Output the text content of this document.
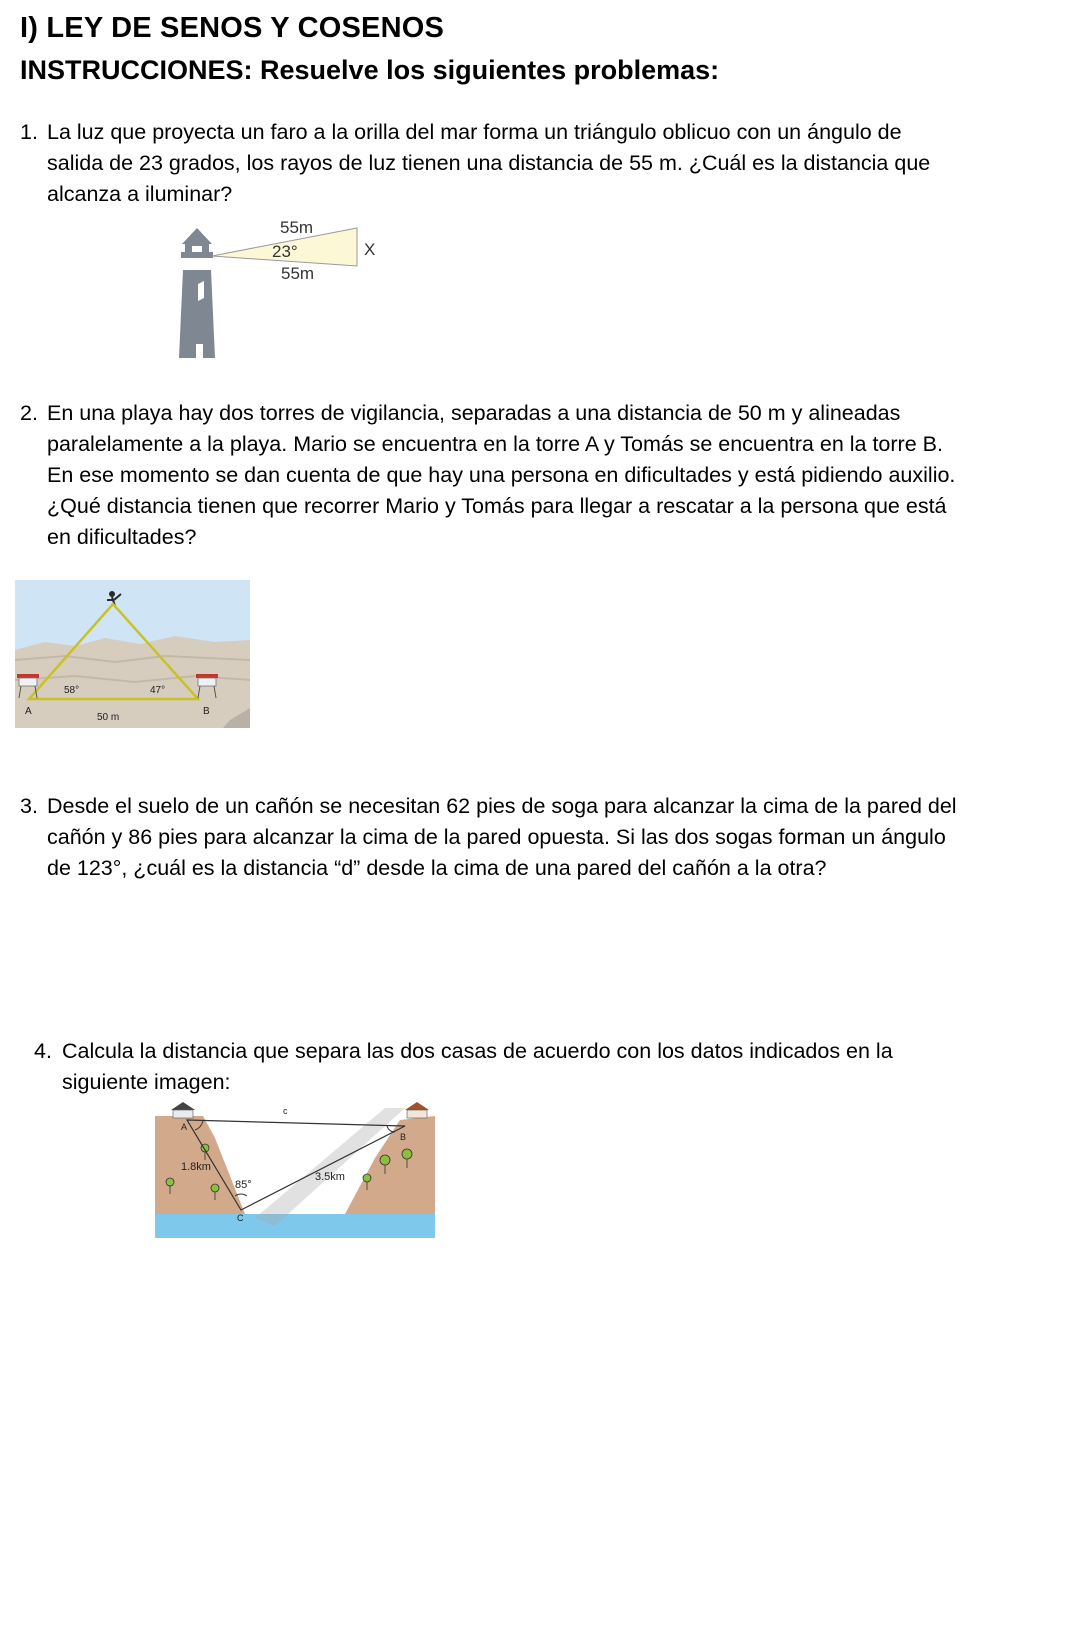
I) LEY DE SENOS Y COSENOS
INSTRUCCIONES: Resuelve los siguientes problemas:
1. La luz que proyecta un faro a la orilla del mar forma un triángulo oblicuo con un ángulo de
salida de 23 grados, los rayos de luz tienen una distancia de 55 m. ¿Cuál es la distancia que
alcanza a iluminar?
55m
23°
55m
X
2. En una playa hay dos torres de vigilancia, separadas a una distancia de 50 m y alineadas
paralelamente a la playa. Mario se encuentra en la torre A y Tomás se encuentra en la torre B.
En ese momento se dan cuenta de que hay una persona en dificultades y está pidiendo auxilio.
¿Qué distancia tienen que recorrer Mario y Tomás para llegar a rescatar a la persona que está
en dificultades?
58°	47°
A	B
50 m
3. Desde el suelo de un cañón se necesitan 62 pies de soga para alcanzar la cima de la pared del
cañón y 86 pies para alcanzar la cima de la pared opuesta. Si las dos sogas forman un ángulo
de 123°, ¿cuál es la distancia “d” desde la cima de una pared del cañón a la otra?
4. Calcula la distancia que separa las dos casas de acuerdo con los datos indicados en la
siguiente imagen:
c
A
B
1.8km
3.5km
85°
C
